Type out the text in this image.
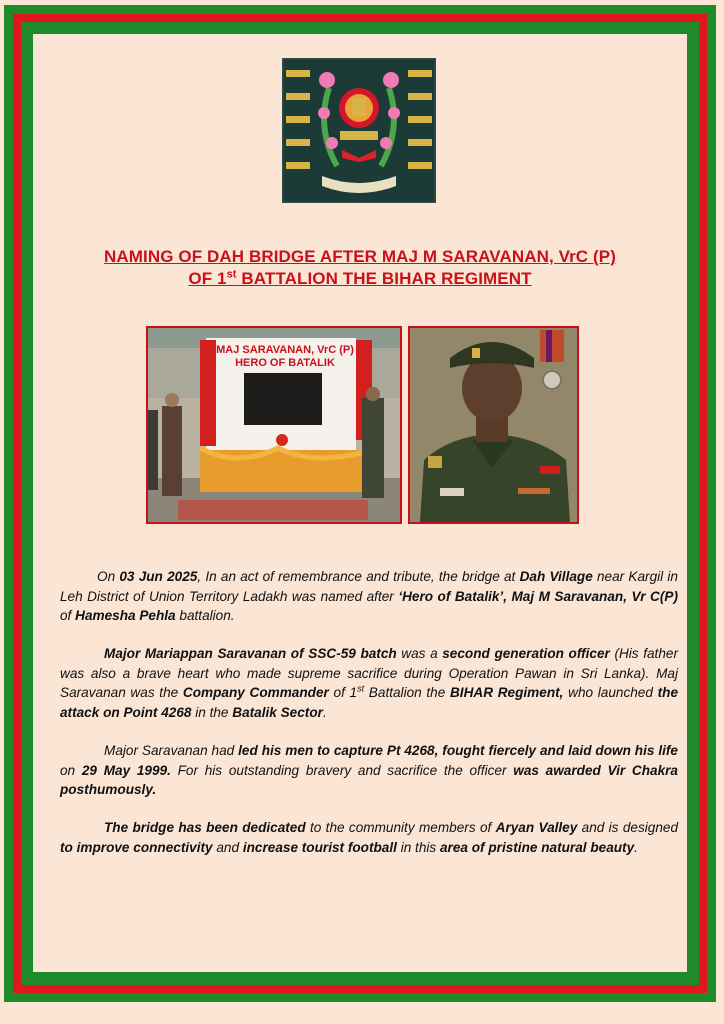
NAMING OF DAH BRIDGE AFTER MAJ M SARAVANAN, VrC (P)
OF 1st BATTALION THE BIHAR REGIMENT
MAJ SARAVANAN, VrC (P)
HERO OF BATALIK

On 03 Jun 2025, In an act of remembrance and tribute, the bridge at Dah Village near Kargil in Leh District of Union Territory Ladakh was named after ‘Hero of Batalik’, Maj M Saravanan, Vr C(P) of Hamesha Pehla battalion.

Major Mariappan Saravanan of SSC-59 batch was a second generation officer (His father was also a brave heart who made supreme sacrifice during Operation Pawan in Sri Lanka). Maj Saravanan was the Company Commander of 1st Battalion the BIHAR Regiment, who launched the attack on Point 4268 in the Batalik Sector.

Major Saravanan had led his men to capture Pt 4268, fought fiercely and laid down his life on 29 May 1999. For his outstanding bravery and sacrifice the officer was awarded Vir Chakra posthumously.

The bridge has been dedicated to the community members of Aryan Valley and is designed to improve connectivity and increase tourist football in this area of pristine natural beauty.
